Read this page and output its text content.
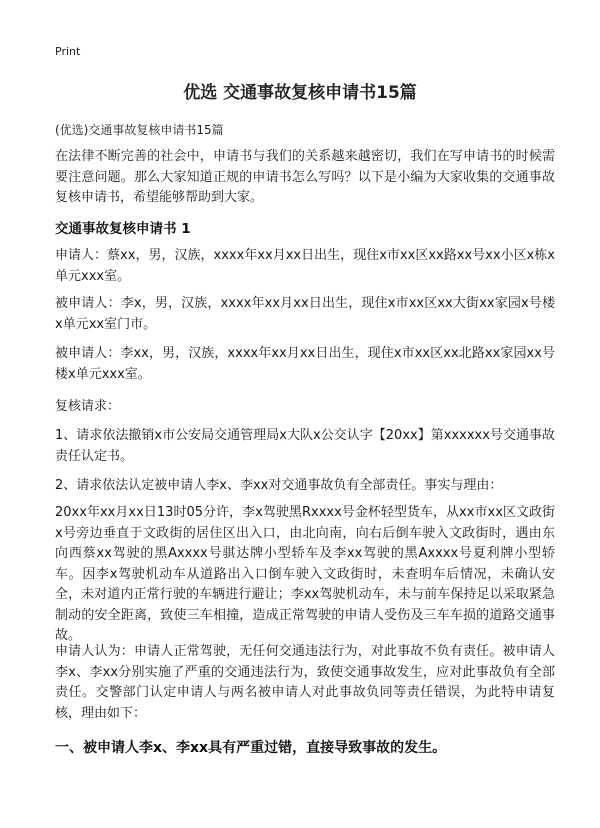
Print
优选 交通事故复核申请书15篇
(优选)交通事故复核申请书15篇
在法律不断完善的社会中，申请书与我们的关系越来越密切，我们在写申请书的时候需要注意问题。那么大家知道正规的申请书怎么写吗？以下是小编为大家收集的交通事故复核申请书，希望能够帮助到大家。
交通事故复核申请书 1
申请人：蔡xx，男，汉族，xxxx年xx月xx日出生，现住x市xx区xx路xx号xx小区x栋x单元xxx室。
被申请人：李x，男，汉族，xxxx年xx月xx日出生，现住x市xx区xx大街xx家园x号楼x单元xx室门市。
被申请人：李xx，男，汉族，xxxx年xx月xx日出生，现住x市xx区xx北路xx家园xx号楼x单元xxx室。
复核请求：
1、请求依法撤销x市公安局交通管理局x大队x公交认字【20xx】第xxxxxx号交通事故责任认定书。
2、请求依法认定被申请人李x、李xx对交通事故负有全部责任。事实与理由：
20xx年xx月xx日13时05分许，李x驾驶黑Rxxxx号金杯轻型货车，从xx市xx区文政街x号旁边垂直于文政街的居住区出入口，由北向南，向右后倒车驶入文政街时，遇由东向西蔡xx驾驶的黑Axxxx号骐达牌小型轿车及李xx驾驶的黑Axxxx号夏利牌小型轿车。因李x驾驶机动车从道路出入口倒车驶入文政街时，未查明车后情况，未确认安全，未对道内正常行驶的车辆进行避让；李xx驾驶机动车，未与前车保持足以采取紧急制动的安全距离，致使三车相撞，造成正常驾驶的申请人受伤及三车车损的道路交通事故。
申请人认为：申请人正常驾驶，无任何交通违法行为，对此事故不负有责任。被申请人李x、李xx分别实施了严重的交通违法行为，致使交通事故发生，应对此事故负有全部责任。交警部门认定申请人与两名被申请人对此事故负同等责任错误，为此特申请复核，理由如下：
一、被申请人李x、李xx具有严重过错，直接导致事故的发生。
